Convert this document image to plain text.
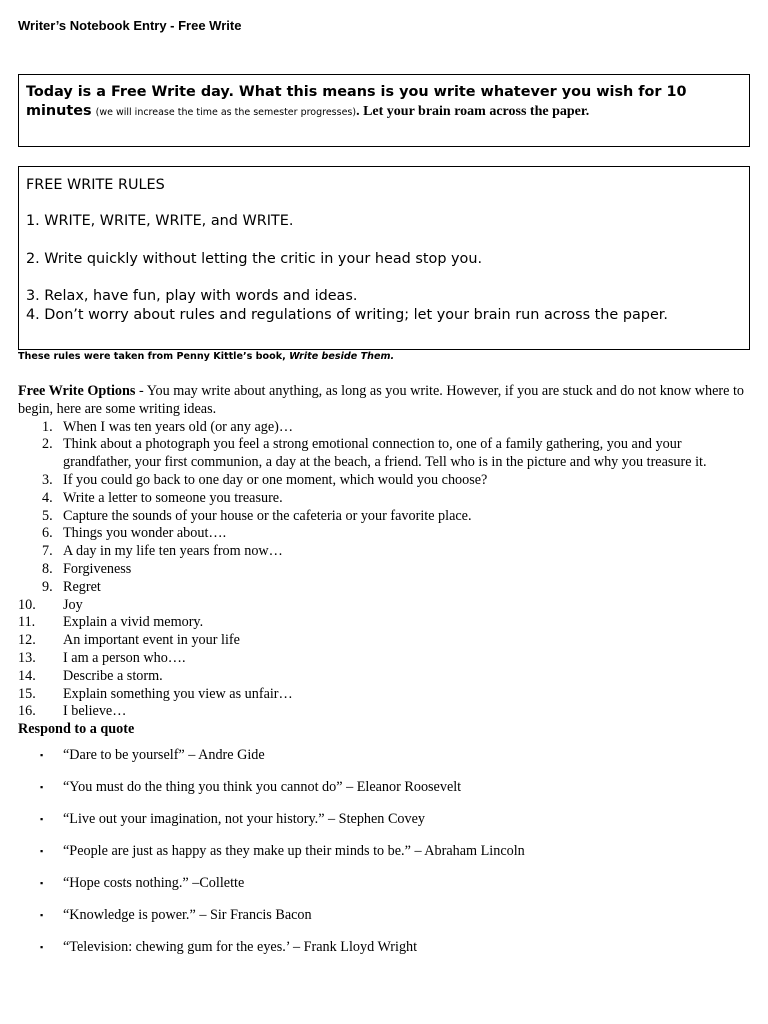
Writer’s Notebook Entry - Free Write
Today is a Free Write day. What this means is you write whatever you wish for 10 minutes (we will increase the time as the semester progresses). Let your brain roam across the paper.
FREE WRITE RULES
1. WRITE, WRITE, WRITE, and WRITE.
2. Write quickly without letting the critic in your head stop you.
3. Relax, have fun, play with words and ideas.
4. Don’t worry about rules and regulations of writing; let your brain run across the paper.
These rules were taken from Penny Kittle’s book, Write beside Them.
Free Write Options - You may write about anything, as long as you write. However, if you are stuck and do not know where to begin, here are some writing ideas.
1. When I was ten years old (or any age)…
2. Think about a photograph you feel a strong emotional connection to, one of a family gathering, you and your grandfather, your first communion, a day at the beach, a friend. Tell who is in the picture and why you treasure it.
3. If you could go back to one day or one moment, which would you choose?
4. Write a letter to someone you treasure.
5. Capture the sounds of your house or the cafeteria or your favorite place.
6. Things you wonder about….
7. A day in my life ten years from now…
8. Forgiveness
9. Regret
10.	Joy
11.	Explain a vivid memory.
12.	An important event in your life
13.	I am a person who….
14.	Describe a storm.
15.	Explain something you view as unfair…
16.	I believe…
Respond to a quote
▪	“Dare to be yourself” – Andre Gide
▪	“You must do the thing you think you cannot do” – Eleanor Roosevelt
▪	“Live out your imagination, not your history.” – Stephen Covey
▪	“People are just as happy as they make up their minds to be.” – Abraham Lincoln
▪	“Hope costs nothing.” –Collette
▪	“Knowledge is power.” – Sir Francis Bacon
▪	“Television: chewing gum for the eyes.’ – Frank Lloyd Wright
